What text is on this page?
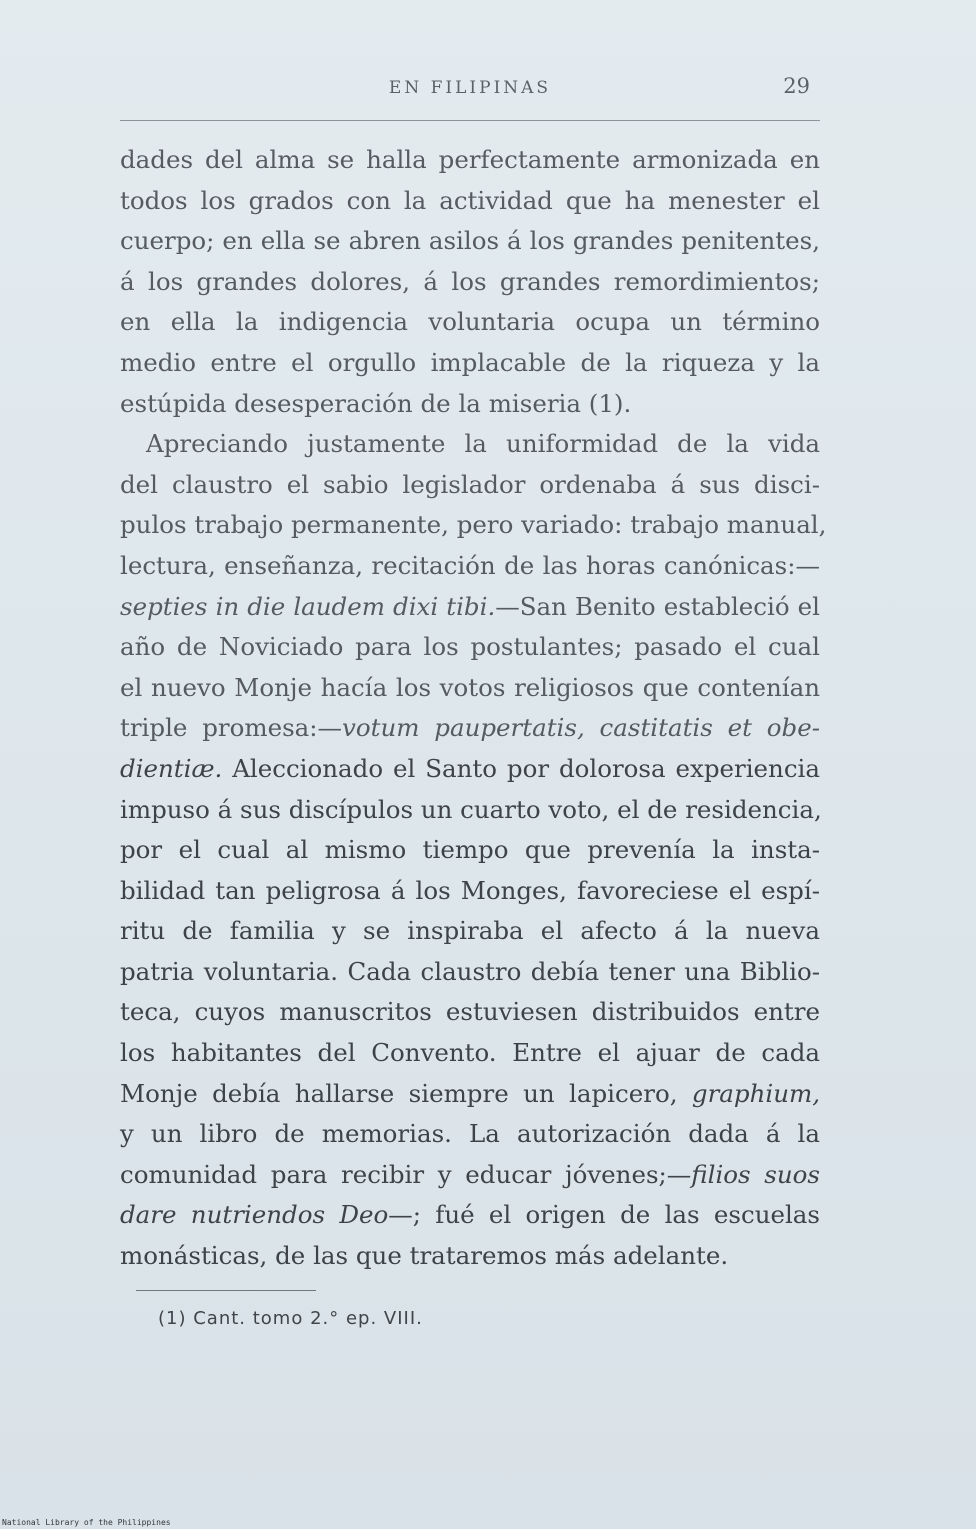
EN FILIPINAS	29
dades del alma se halla perfectamente armonizada en
todos los grados con la actividad que ha menester el
cuerpo; en ella se abren asilos á los grandes penitentes,
á los grandes dolores, á los grandes remordimientos;
en ella la indigencia voluntaria ocupa un término
medio entre el orgullo implacable de la riqueza y la
estúpida desesperación de la miseria (1).
Apreciando justamente la uniformidad de la vida
del claustro el sabio legislador ordenaba á sus disci-
pulos trabajo permanente, pero variado: trabajo manual,
lectura, enseñanza, recitación de las horas canónicas:—
septies in die laudem dixi tibi.—San Benito estableció el
año de Noviciado para los postulantes; pasado el cual
el nuevo Monje hacía los votos religiosos que contenían
triple promesa:—votum paupertatis, castitatis et obe-
dientiæ. Aleccionado el Santo por dolorosa experiencia
impuso á sus discípulos un cuarto voto, el de residencia,
por el cual al mismo tiempo que prevenía la insta-
bilidad tan peligrosa á los Monges, favoreciese el espí-
ritu de familia y se inspiraba el afecto á la nueva
patria voluntaria. Cada claustro debía tener una Biblio-
teca, cuyos manuscritos estuviesen distribuidos entre
los habitantes del Convento. Entre el ajuar de cada
Monje debía hallarse siempre un lapicero, graphium,
y un libro de memorias. La autorización dada á la
comunidad para recibir y educar jóvenes;—filios suos
dare nutriendos Deo—; fué el origen de las escuelas
monásticas, de las que trataremos más adelante.
(1) Cant. tomo 2.° ep. VIII.
National Library of the Philippines
